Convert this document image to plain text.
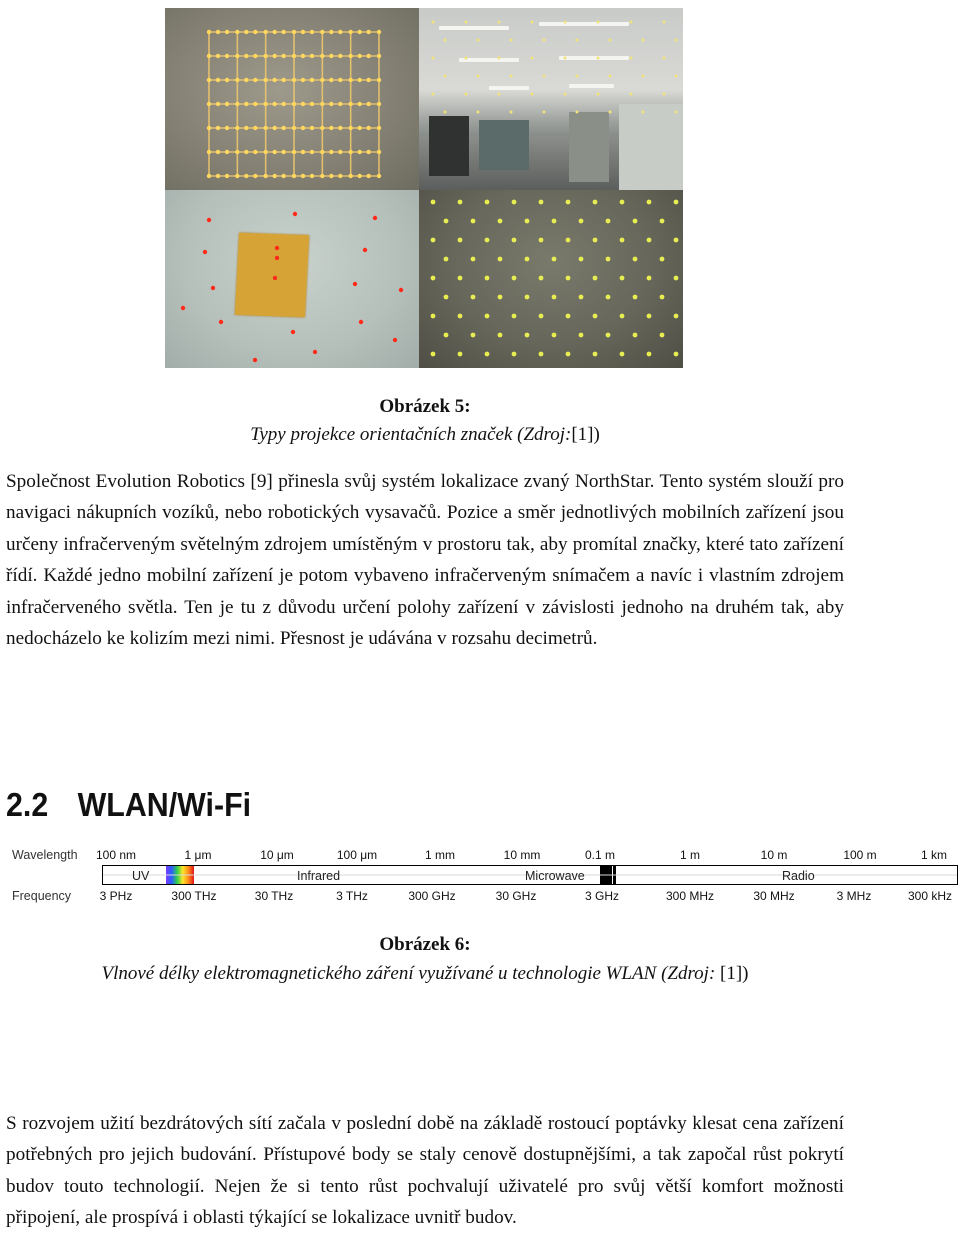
Obrázek 5:
Typy projekce orientačních značek (Zdroj:[1])
Společnost Evolution Robotics [9] přinesla svůj systém lokalizace zvaný NorthStar. Tento systém slouží pro navigaci nákupních vozíků, nebo robotických vysavačů. Pozice a směr jednotlivých mobilních zařízení jsou určeny infračerveným světelným zdrojem umístěným v prostoru tak, aby promítal značky, které tato zařízení řídí. Každé jedno mobilní zařízení je potom vybaveno infračerveným snímačem a navíc i vlastním zdrojem infračerveného světla. Ten je tu z důvodu určení polohy zařízení v závislosti jednoho na druhém tak, aby nedocházelo ke kolizím mezi nimi. Přesnost je udávána v rozsahu decimetrů.
2.2 WLAN/Wi-Fi
Wavelength
Frequency
100 nm	1 μm	10 μm	100 μm	1 mm	10 mm	0.1 m	1 m	10 m	100 m	1 km
3 PHz	300 THz	30 THz	3 THz	300 GHz	30 GHz	3 GHz	300 MHz	30 MHz	3 MHz	300 kHz
UV	Infrared	Microwave	Radio
Obrázek 6:
Vlnové délky elektromagnetického záření využívané u technologie WLAN (Zdroj: [1])
S rozvojem užití bezdrátových sítí začala v poslední době na základě rostoucí poptávky klesat cena zařízení potřebných pro jejich budování. Přístupové body se staly cenově dostupnějšími, a tak započal růst pokrytí budov touto technologií. Nejen že si tento růst pochvalují uživatelé pro svůj větší komfort možnosti připojení, ale prospívá i oblasti týkající se lokalizace uvnitř budov.
